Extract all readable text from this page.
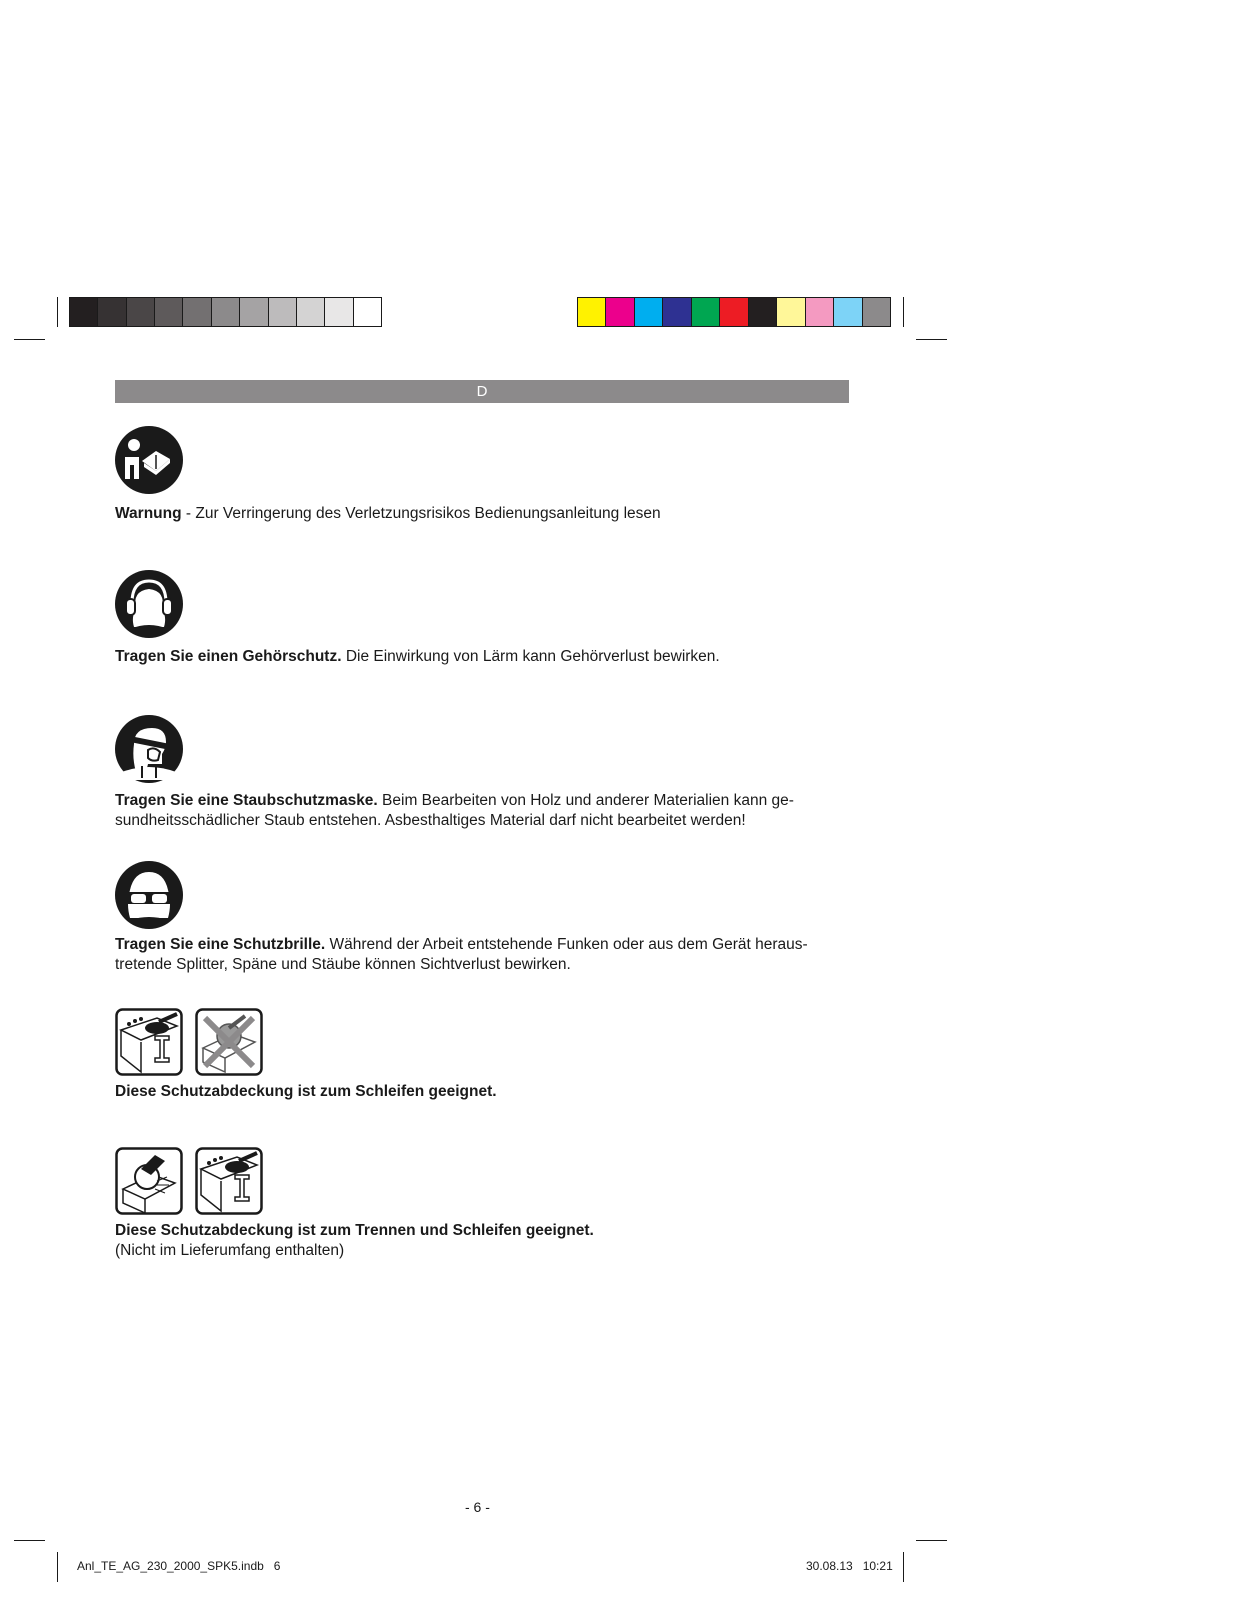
D
Warnung - Zur Verringerung des Verletzungsrisikos Bedienungsanleitung lesen
Tragen Sie einen Gehörschutz. Die Einwirkung von Lärm kann Gehörverlust bewirken.
Tragen Sie eine Staubschutzmaske. Beim Bearbeiten von Holz und anderer Materialien kann ge-sundheitsschädlicher Staub entstehen. Asbesthaltiges Material darf nicht bearbeitet werden!
Tragen Sie eine Schutzbrille. Während der Arbeit entstehende Funken oder aus dem Gerät heraus-tretende Splitter, Späne und Stäube können Sichtverlust bewirken.
Diese Schutzabdeckung ist zum Schleifen geeignet.
Diese Schutzabdeckung ist zum Trennen und Schleifen geeignet.
(Nicht im Lieferumfang enthalten)
- 6 -
Anl_TE_AG_230_2000_SPK5.indb   6	30.08.13   10:21
